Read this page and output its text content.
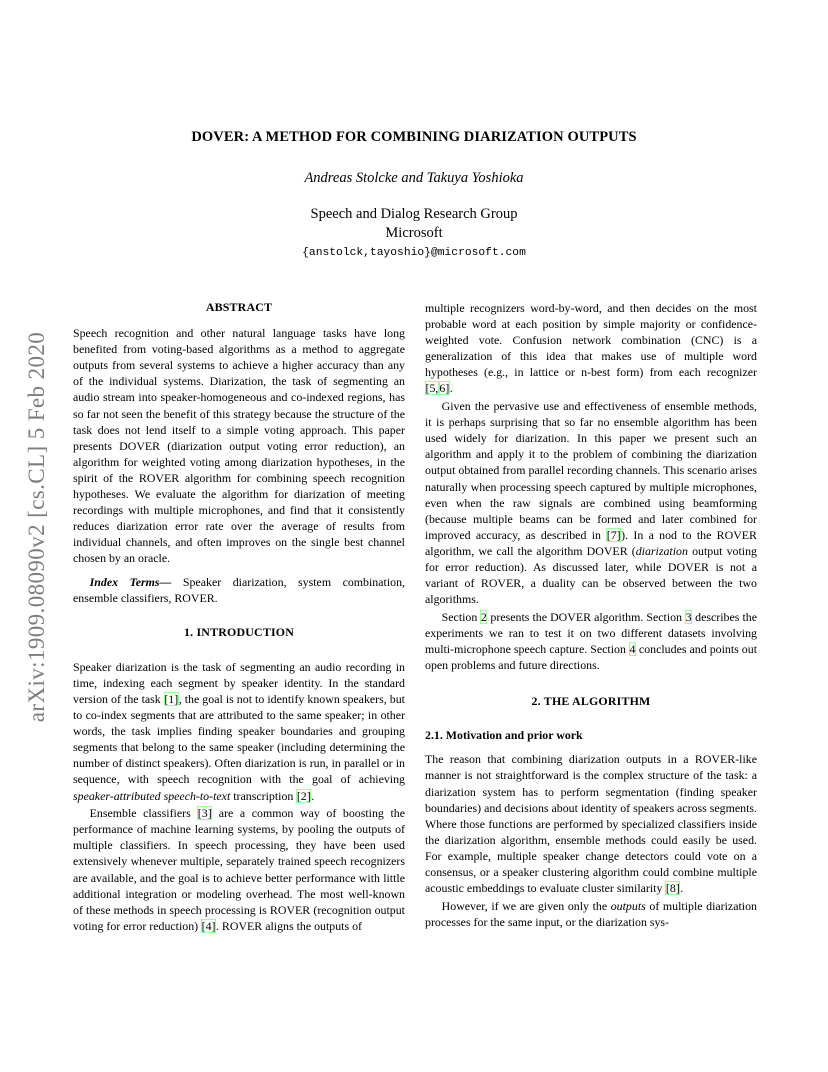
arXiv:1909.08090v2 [cs.CL] 5 Feb 2020
DOVER: A METHOD FOR COMBINING DIARIZATION OUTPUTS
Andreas Stolcke and Takuya Yoshioka
Speech and Dialog Research Group
Microsoft
{anstolck,tayoshio}@microsoft.com
ABSTRACT

Speech recognition and other natural language tasks have long benefited from voting-based algorithms as a method to aggregate outputs from several systems to achieve a higher accuracy than any of the individual systems. Diarization, the task of segmenting an audio stream into speaker-homogeneous and co-indexed regions, has so far not seen the benefit of this strategy because the structure of the task does not lend itself to a simple voting approach. This paper presents DOVER (diarization output voting error reduction), an algorithm for weighted voting among diarization hypotheses, in the spirit of the ROVER algorithm for combining speech recognition hypotheses. We evaluate the algorithm for diarization of meeting recordings with multiple microphones, and find that it consistently reduces diarization error rate over the average of results from individual channels, and often improves on the single best channel chosen by an oracle.

Index Terms— Speaker diarization, system combination, ensemble classifiers, ROVER.

1. INTRODUCTION

Speaker diarization is the task of segmenting an audio recording in time, indexing each segment by speaker identity. In the standard version of the task [1], the goal is not to identify known speakers, but to co-index segments that are attributed to the same speaker; in other words, the task implies finding speaker boundaries and grouping segments that belong to the same speaker (including determining the number of distinct speakers). Often diarization is run, in parallel or in sequence, with speech recognition with the goal of achieving speaker-attributed speech-to-text transcription [2].

Ensemble classifiers [3] are a common way of boosting the performance of machine learning systems, by pooling the outputs of multiple classifiers. In speech processing, they have been used extensively whenever multiple, separately trained speech recognizers are available, and the goal is to achieve better performance with little additional integration or modeling overhead. The most well-known of these methods in speech processing is ROVER (recognition output voting for error reduction) [4]. ROVER aligns the outputs of

multiple recognizers word-by-word, and then decides on the most probable word at each position by simple majority or confidence-weighted vote. Confusion network combination (CNC) is a generalization of this idea that makes use of multiple word hypotheses (e.g., in lattice or n-best form) from each recognizer [5,6].

Given the pervasive use and effectiveness of ensemble methods, it is perhaps surprising that so far no ensemble algorithm has been used widely for diarization. In this paper we present such an algorithm and apply it to the problem of combining the diarization output obtained from parallel recording channels. This scenario arises naturally when processing speech captured by multiple microphones, even when the raw signals are combined using beamforming (because multiple beams can be formed and later combined for improved accuracy, as described in [7]). In a nod to the ROVER algorithm, we call the algorithm DOVER (diarization output voting for error reduction). As discussed later, while DOVER is not a variant of ROVER, a duality can be observed between the two algorithms.

Section 2 presents the DOVER algorithm. Section 3 describes the experiments we ran to test it on two different datasets involving multi-microphone speech capture. Section 4 concludes and points out open problems and future directions.

2. THE ALGORITHM
2.1. Motivation and prior work

The reason that combining diarization outputs in a ROVER-like manner is not straightforward is the complex structure of the task: a diarization system has to perform segmentation (finding speaker boundaries) and decisions about identity of speakers across segments. Where those functions are performed by specialized classifiers inside the diarization algorithm, ensemble methods could easily be used. For example, multiple speaker change detectors could vote on a consensus, or a speaker clustering algorithm could combine multiple acoustic embeddings to evaluate cluster similarity [8].

However, if we are given only the outputs of multiple diarization processes for the same input, or the diarization sys-
